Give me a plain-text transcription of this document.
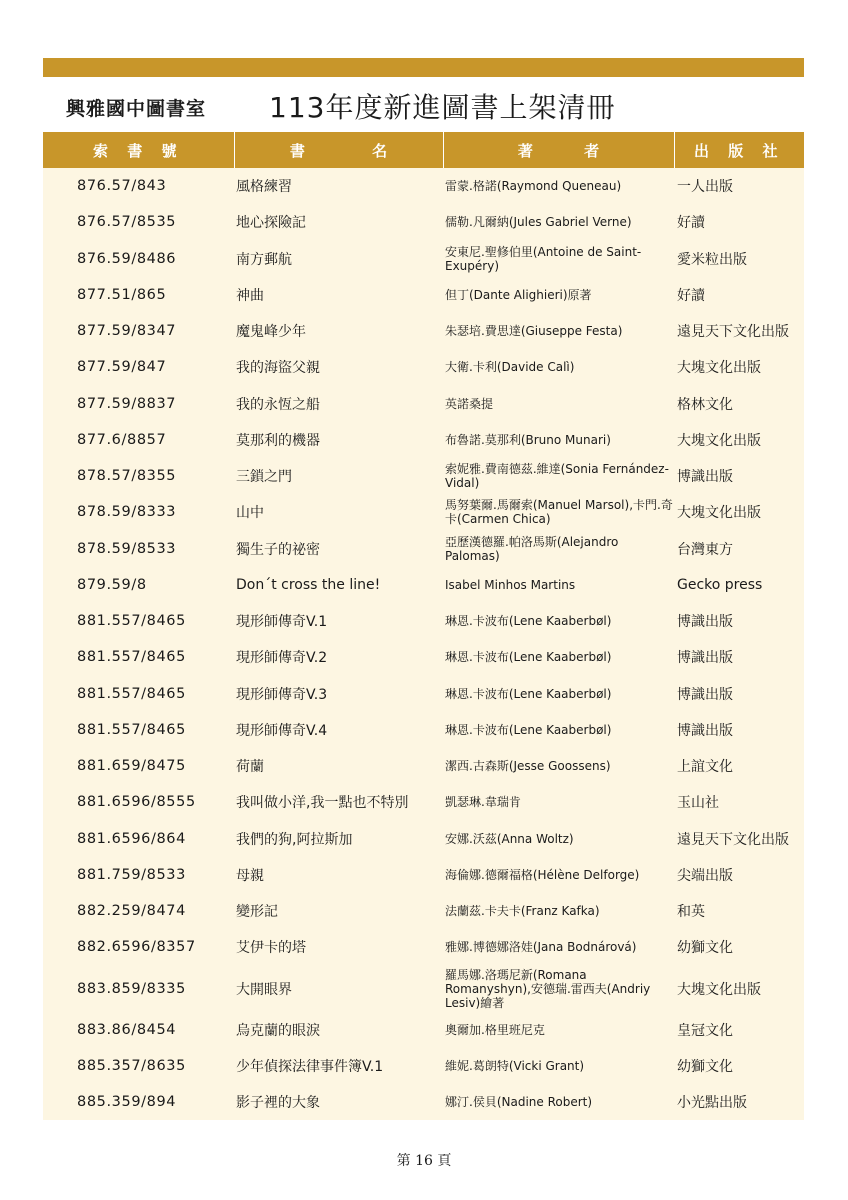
興雅國中圖書室 113年度新進圖書上架清冊
索 書 號	書 名	著 者	出 版 社
876.57/843	風格練習	雷蒙.格諾(Raymond Queneau)	一人出版
876.57/8535	地心探險記	儒勒.凡爾納(Jules Gabriel Verne)	好讀
876.59/8486	南方郵航	安東尼.聖修伯里(Antoine de Saint-Exupéry)	愛米粒出版
877.51/865	神曲	但丁(Dante Alighieri)原著	好讀
877.59/8347	魔鬼峰少年	朱瑟培.費思達(Giuseppe Festa)	遠見天下文化出版
877.59/847	我的海盜父親	大衛.卡利(Davide Calì)	大塊文化出版
877.59/8837	我的永恆之船	英諾桑提	格林文化
877.6/8857	莫那利的機器	布魯諾.莫那利(Bruno Munari)	大塊文化出版
878.57/8355	三鎖之門	索妮雅.費南德茲.維達(Sonia Fernández-Vidal)	博識出版
878.59/8333	山中	馬努葉爾.馬爾索(Manuel Marsol),卡門.奇卡(Carmen Chica)	大塊文化出版
878.59/8533	獨生子的祕密	亞歷漢德羅.帕洛馬斯(Alejandro Palomas)	台灣東方
879.59/8	Don´t cross the line!	Isabel Minhos Martins	Gecko press
881.557/8465	現形師傳奇V.1	琳恩.卡波布(Lene Kaaberbøl)	博識出版
881.557/8465	現形師傳奇V.2	琳恩.卡波布(Lene Kaaberbøl)	博識出版
881.557/8465	現形師傳奇V.3	琳恩.卡波布(Lene Kaaberbøl)	博識出版
881.557/8465	現形師傳奇V.4	琳恩.卡波布(Lene Kaaberbøl)	博識出版
881.659/8475	荷蘭	潔西.古森斯(Jesse Goossens)	上誼文化
881.6596/8555	我叫做小洋,我一點也不特別	凱瑟琳.韋瑞肯	玉山社
881.6596/864	我們的狗,阿拉斯加	安娜.沃茲(Anna Woltz)	遠見天下文化出版
881.759/8533	母親	海倫娜.德爾福格(Hélène Delforge)	尖端出版
882.259/8474	變形記	法蘭茲.卡夫卡(Franz Kafka)	和英
882.6596/8357	艾伊卡的塔	雅娜.博德娜洛娃(Jana Bodnárová)	幼獅文化
883.859/8335	大開眼界	羅馬娜.洛瑪尼新(Romana Romanyshyn),安德瑞.雷西夫(Andriy Lesiv)繪著	大塊文化出版
883.86/8454	烏克蘭的眼淚	奧爾加.格里班尼克	皇冠文化
885.357/8635	少年偵探法律事件簿V.1	維妮.葛朗特(Vicki Grant)	幼獅文化
885.359/894	影子裡的大象	娜汀.侯貝(Nadine Robert)	小光點出版
第 16 頁
